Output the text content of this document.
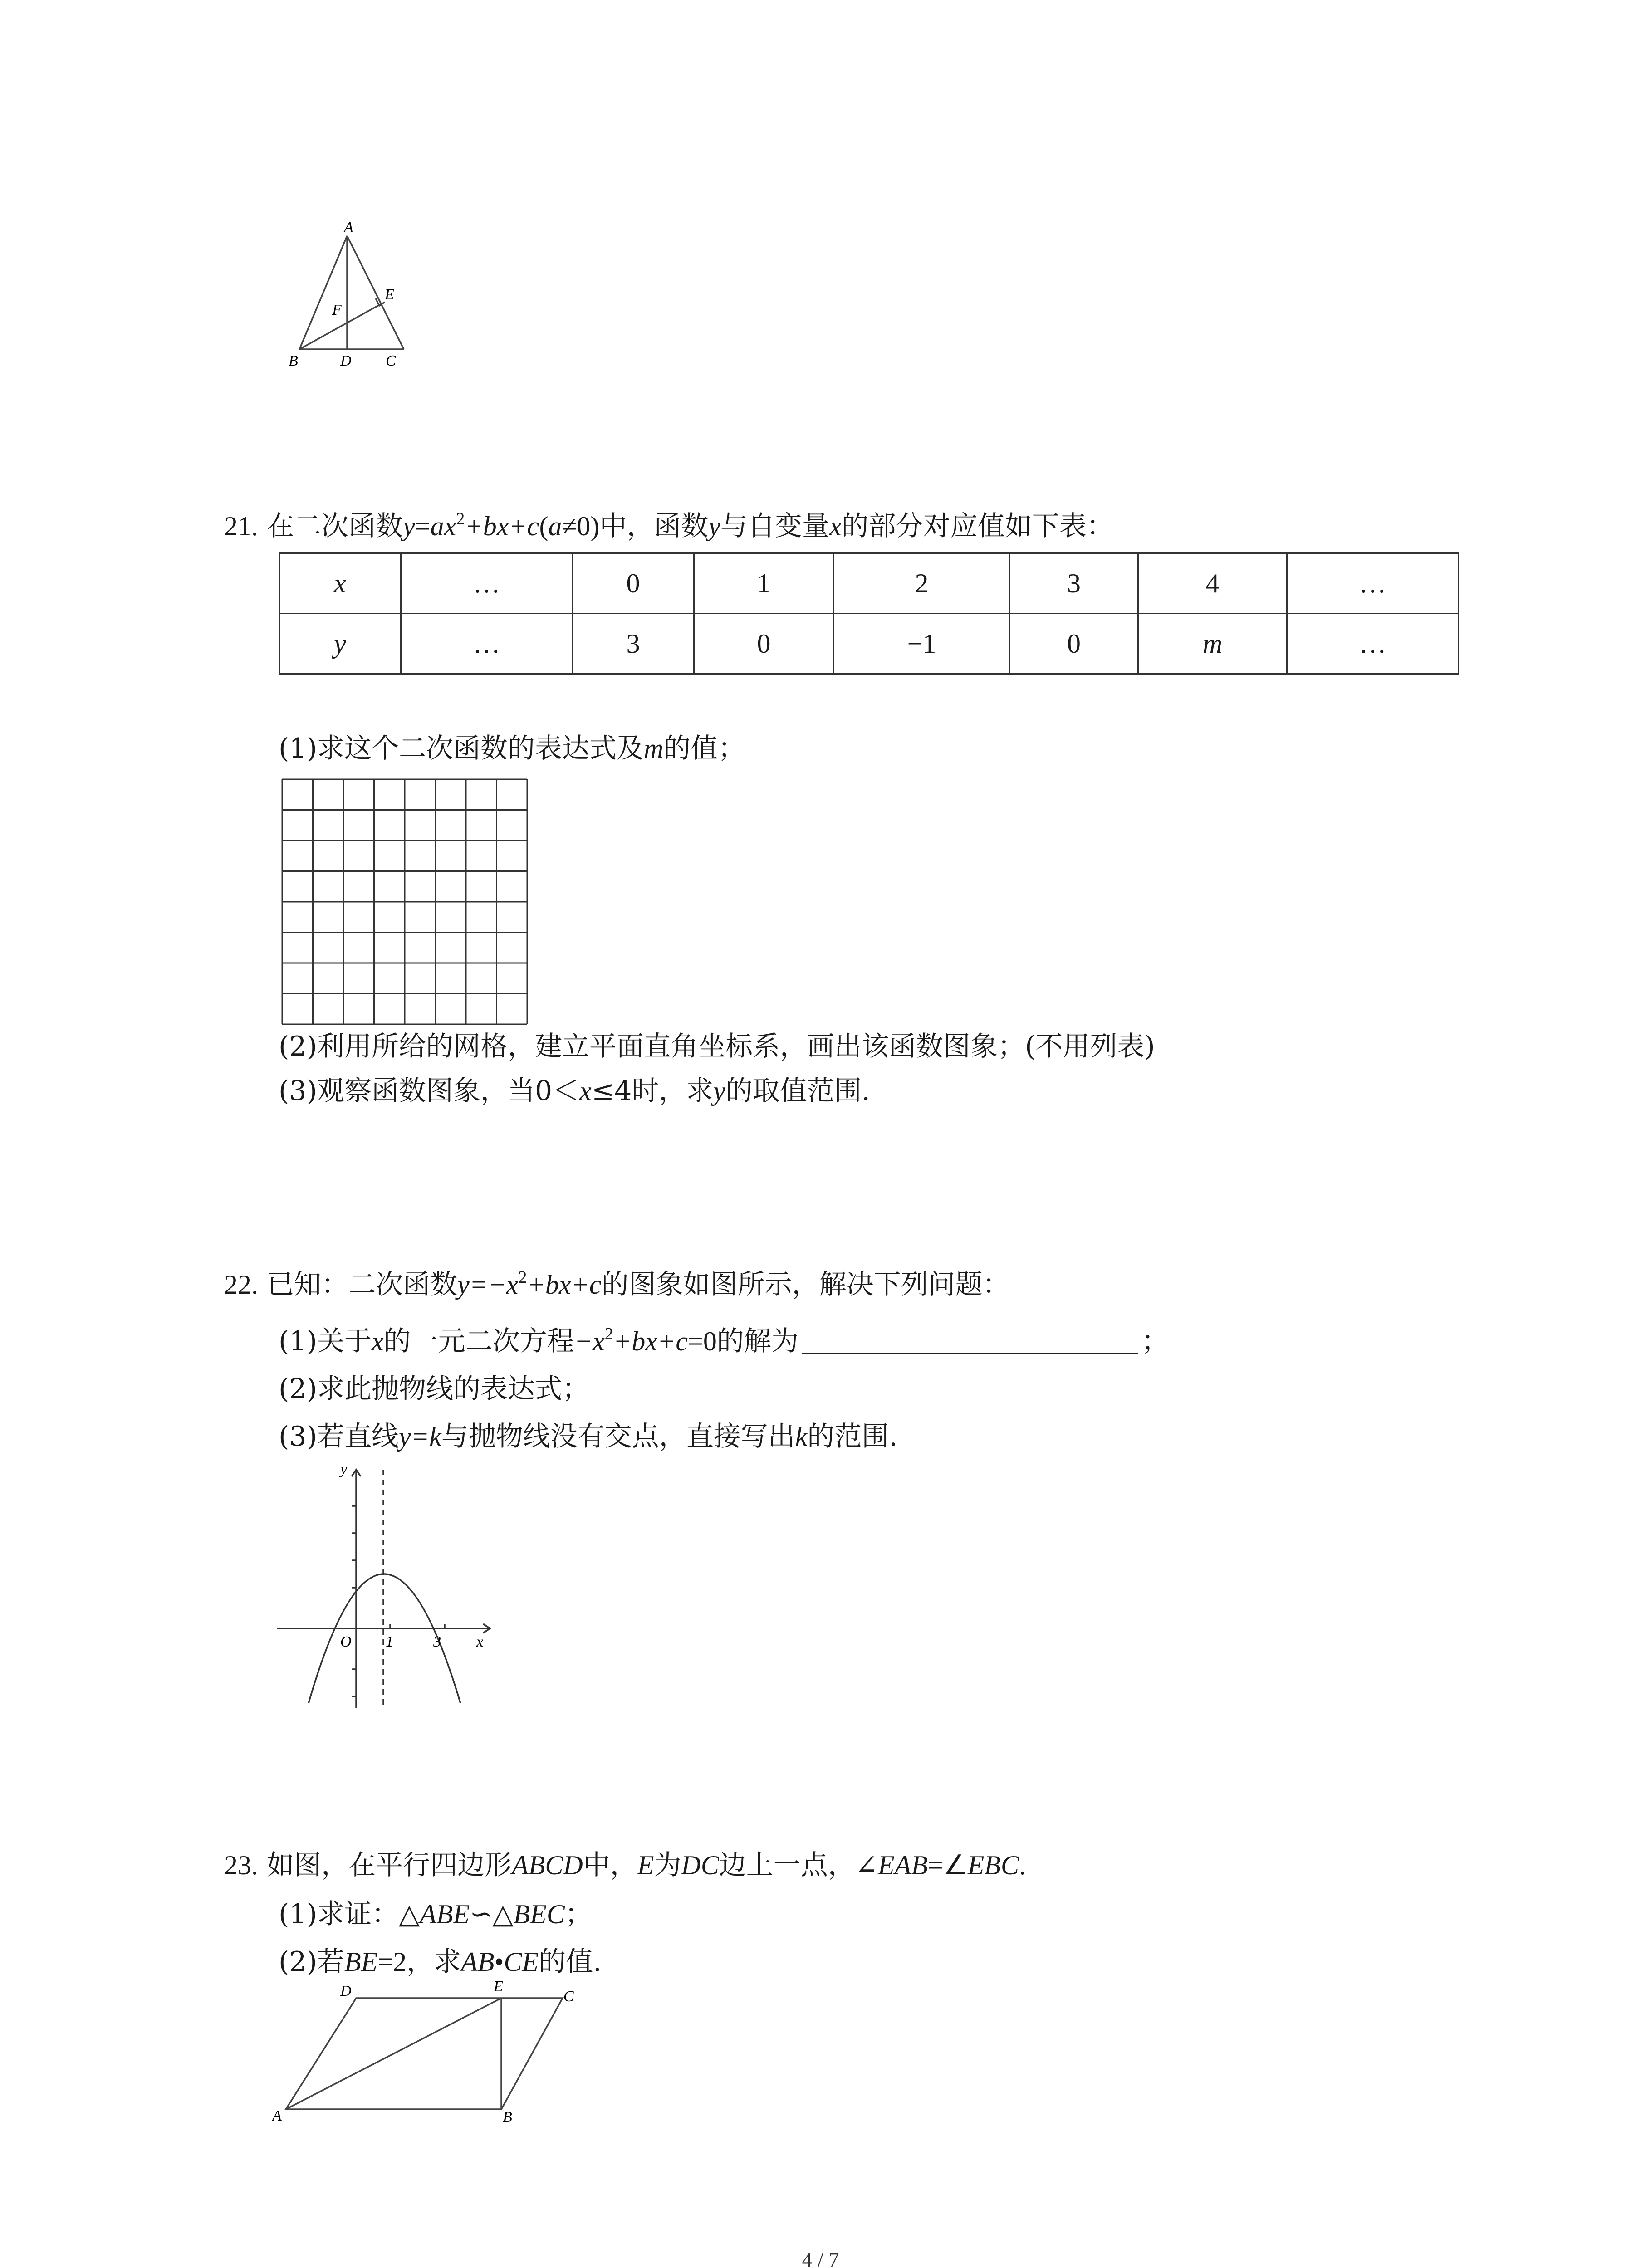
A
B	D C
E
F
21. 在二次函数$y=ax^2+bx+c(a\ne 0)$中，函数y与自变量x的部分对应值如下表：
x	…	0	1	2	3	4	…
y	…	3	0	−1	0	m	…
(1)求这个二次函数的表达式及m的值；
(2)利用所给的网格，建立平面直角坐标系，画出该函数图象；(不用列表)
(3)观察函数图象，当0＜x≤4时，求y的取值范围.
22. 已知：二次函数$y=-x^2+bx+c$的图象如图所示，解决下列问题：
(1)关于x的一元二次方程$-x^2+bx+c=0$的解为	；
(2)求此抛物线的表达式；
(3)若直线y=k与抛物线没有交点，直接写出k的范围.
y
x
O 1	3
23. 如图，在平行四边形ABCD中，E为DC边上一点，∠EAB=∠EBC.
(1)求证：△ABE∽△BEC；
(2)若BE=2，求AB•CE的值.
D	E
C
A	B
4 / 7
